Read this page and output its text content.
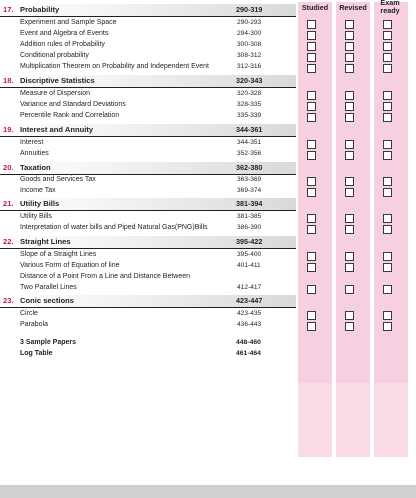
17. Probability	290-319
Experiment and Sample Space	290-293
Event and Algebra of Events	294-300
Addition rules of Probability	300-308
Conditional probability	308-312
Multiplication Theorem on Probability and Independent Event	312-316
18. Discriptive Statistics	320-343
Measure of Dispersion	320-328
Variance and Standard Deviations	328-335
Percentile Rank and Correlation	335-339
19. Interest and Annuity	344-361
Interest	344-351
Annuities	352-356
20. Taxation	362-380
Goods and Services Tax	363-369
Income Tax	369-374
21. Utility Bills	381-394
Utility Bills	381-385
Interpretation of water bills and Piped Natural Gas(PNG)Bills	386-390
22. Straight Lines	395-422
Slope of a Straight Lines	395-400
Various Form of Equation of line	401-411
Distance of a Point From a Line and Distance Between
Two Parallel Lines	412-417
23. Conic sections	423-447
Circle	423-435
Parabola	436-443
3 Sample Papers	448-460
Log Table	461-464
Studied	Revised
Exam ready
